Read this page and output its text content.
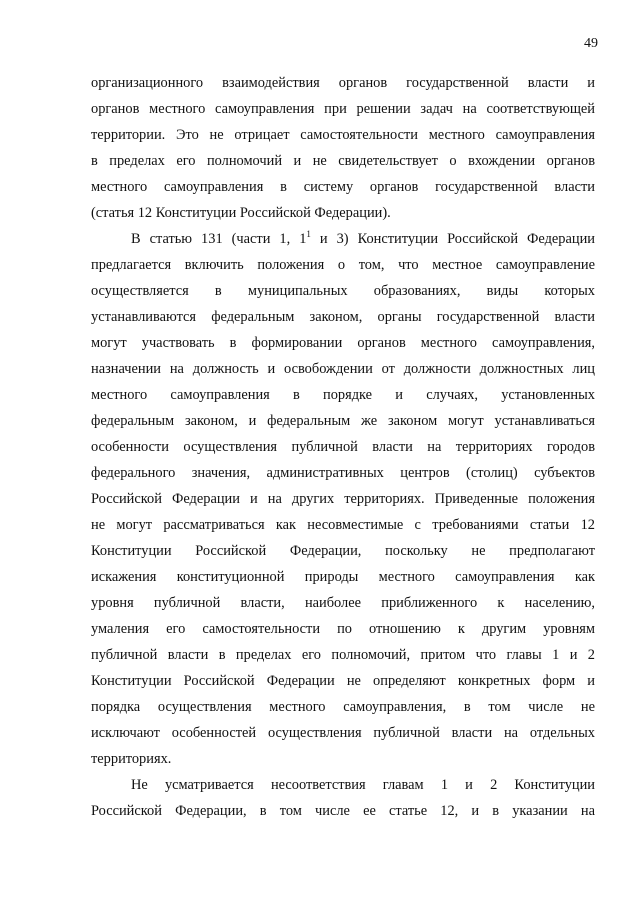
49
организационного взаимодействия органов государственной власти и
органов местного самоуправления при решении задач на соответствующей
территории. Это не отрицает самостоятельности местного самоуправления
в пределах его полномочий и не свидетельствует о вхождении органов
местного самоуправления в систему органов государственной власти
(статья 12 Конституции Российской Федерации).
В статью 131 (части 1, $1^1$ и 3) Конституции Российской Федерации
предлагается включить положения о том, что местное самоуправление
осуществляется в муниципальных образованиях, виды которых
устанавливаются федеральным законом, органы государственной власти
могут участвовать в формировании органов местного самоуправления,
назначении на должность и освобождении от должности должностных лиц
местного самоуправления в порядке и случаях, установленных
федеральным законом, и федеральным же законом могут устанавливаться
особенности осуществления публичной власти на территориях городов
федерального значения, административных центров (столиц) субъектов
Российской Федерации и на других территориях. Приведенные положения
не могут рассматриваться как несовместимые с требованиями статьи 12
Конституции Российской Федерации, поскольку не предполагают
искажения конституционной природы местного самоуправления как
уровня публичной власти, наиболее приближенного к населению,
умаления его самостоятельности по отношению к другим уровням
публичной власти в пределах его полномочий, притом что главы 1 и 2
Конституции Российской Федерации не определяют конкретных форм и
порядка осуществления местного самоуправления, в том числе не
исключают особенностей осуществления публичной власти на отдельных
территориях.
Не усматривается несоответствия главам 1 и 2 Конституции
Российской Федерации, в том числе ее статье 12, и в указании на
